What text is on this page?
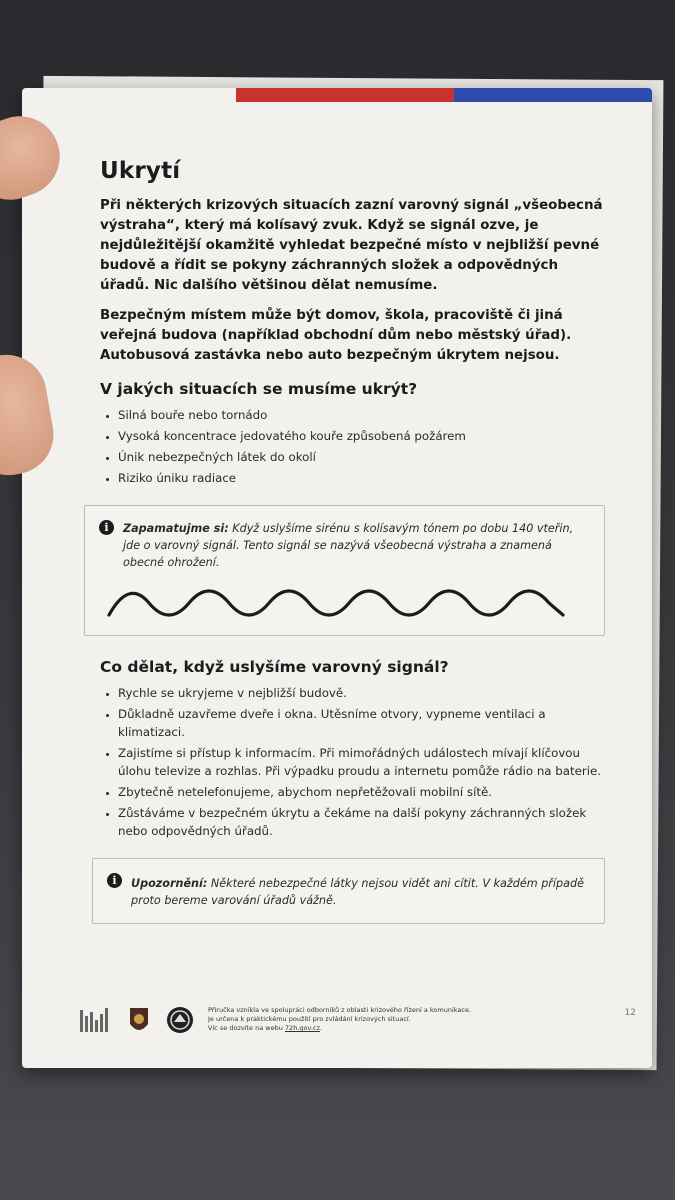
Ukrytí

Při některých krizových situacích zazní varovný signál „všeobecná výstraha“, který má kolísavý zvuk. Když se signál ozve, je nejdůležitější okamžitě vyhledat bezpečné místo v nejbližší pevné budově a řídit se pokyny záchranných složek a odpovědných úřadů. Nic dalšího většinou dělat nemusíme.

Bezpečným místem může být domov, škola, pracoviště či jiná veřejná budova (například obchodní dům nebo městský úřad). Autobusová zastávka nebo auto bezpečným úkrytem nejsou.

V jakých situacích se musíme ukrýt?
• Silná bouře nebo tornádo
• Vysoká koncentrace jedovatého kouře způsobená požárem
• Únik nebezpečných látek do okolí
• Riziko úniku radiace
i	Zapamatujme si: Když uslyšíme sirénu s kolísavým tónem po dobu 140 vteřin, jde o varovný signál. Tento signál se nazývá všeobecná výstraha a znamená obecné ohrožení.
Co dělat, když uslyšíme varovný signál?
• Rychle se ukryjeme v nejbližší budově.
• Důkladně uzavřeme dveře i okna. Utěsníme otvory, vypneme ventilaci a klimatizaci.
• Zajistíme si přístup k informacím. Při mimořádných událostech mívají klíčovou úlohu televize a rozhlas. Při výpadku proudu a internetu pomůže rádio na baterie.
• Zbytečně netelefonujeme, abychom nepřetěžovali mobilní sítě.
• Zůstáváme v bezpečném úkrytu a čekáme na další pokyny záchranných složek nebo odpovědných úřadů.
i	Upozornění: Některé nebezpečné látky nejsou vidět ani cítit. V každém případě proto bereme varování úřadů vážně.
Příručka vznikla ve spolupráci odborníků z oblasti krizového řízení a komunikace.
Je určena k praktickému použití pro zvládání krizových situací.
Víc se dozvíte na webu 72h.gov.cz.
12
